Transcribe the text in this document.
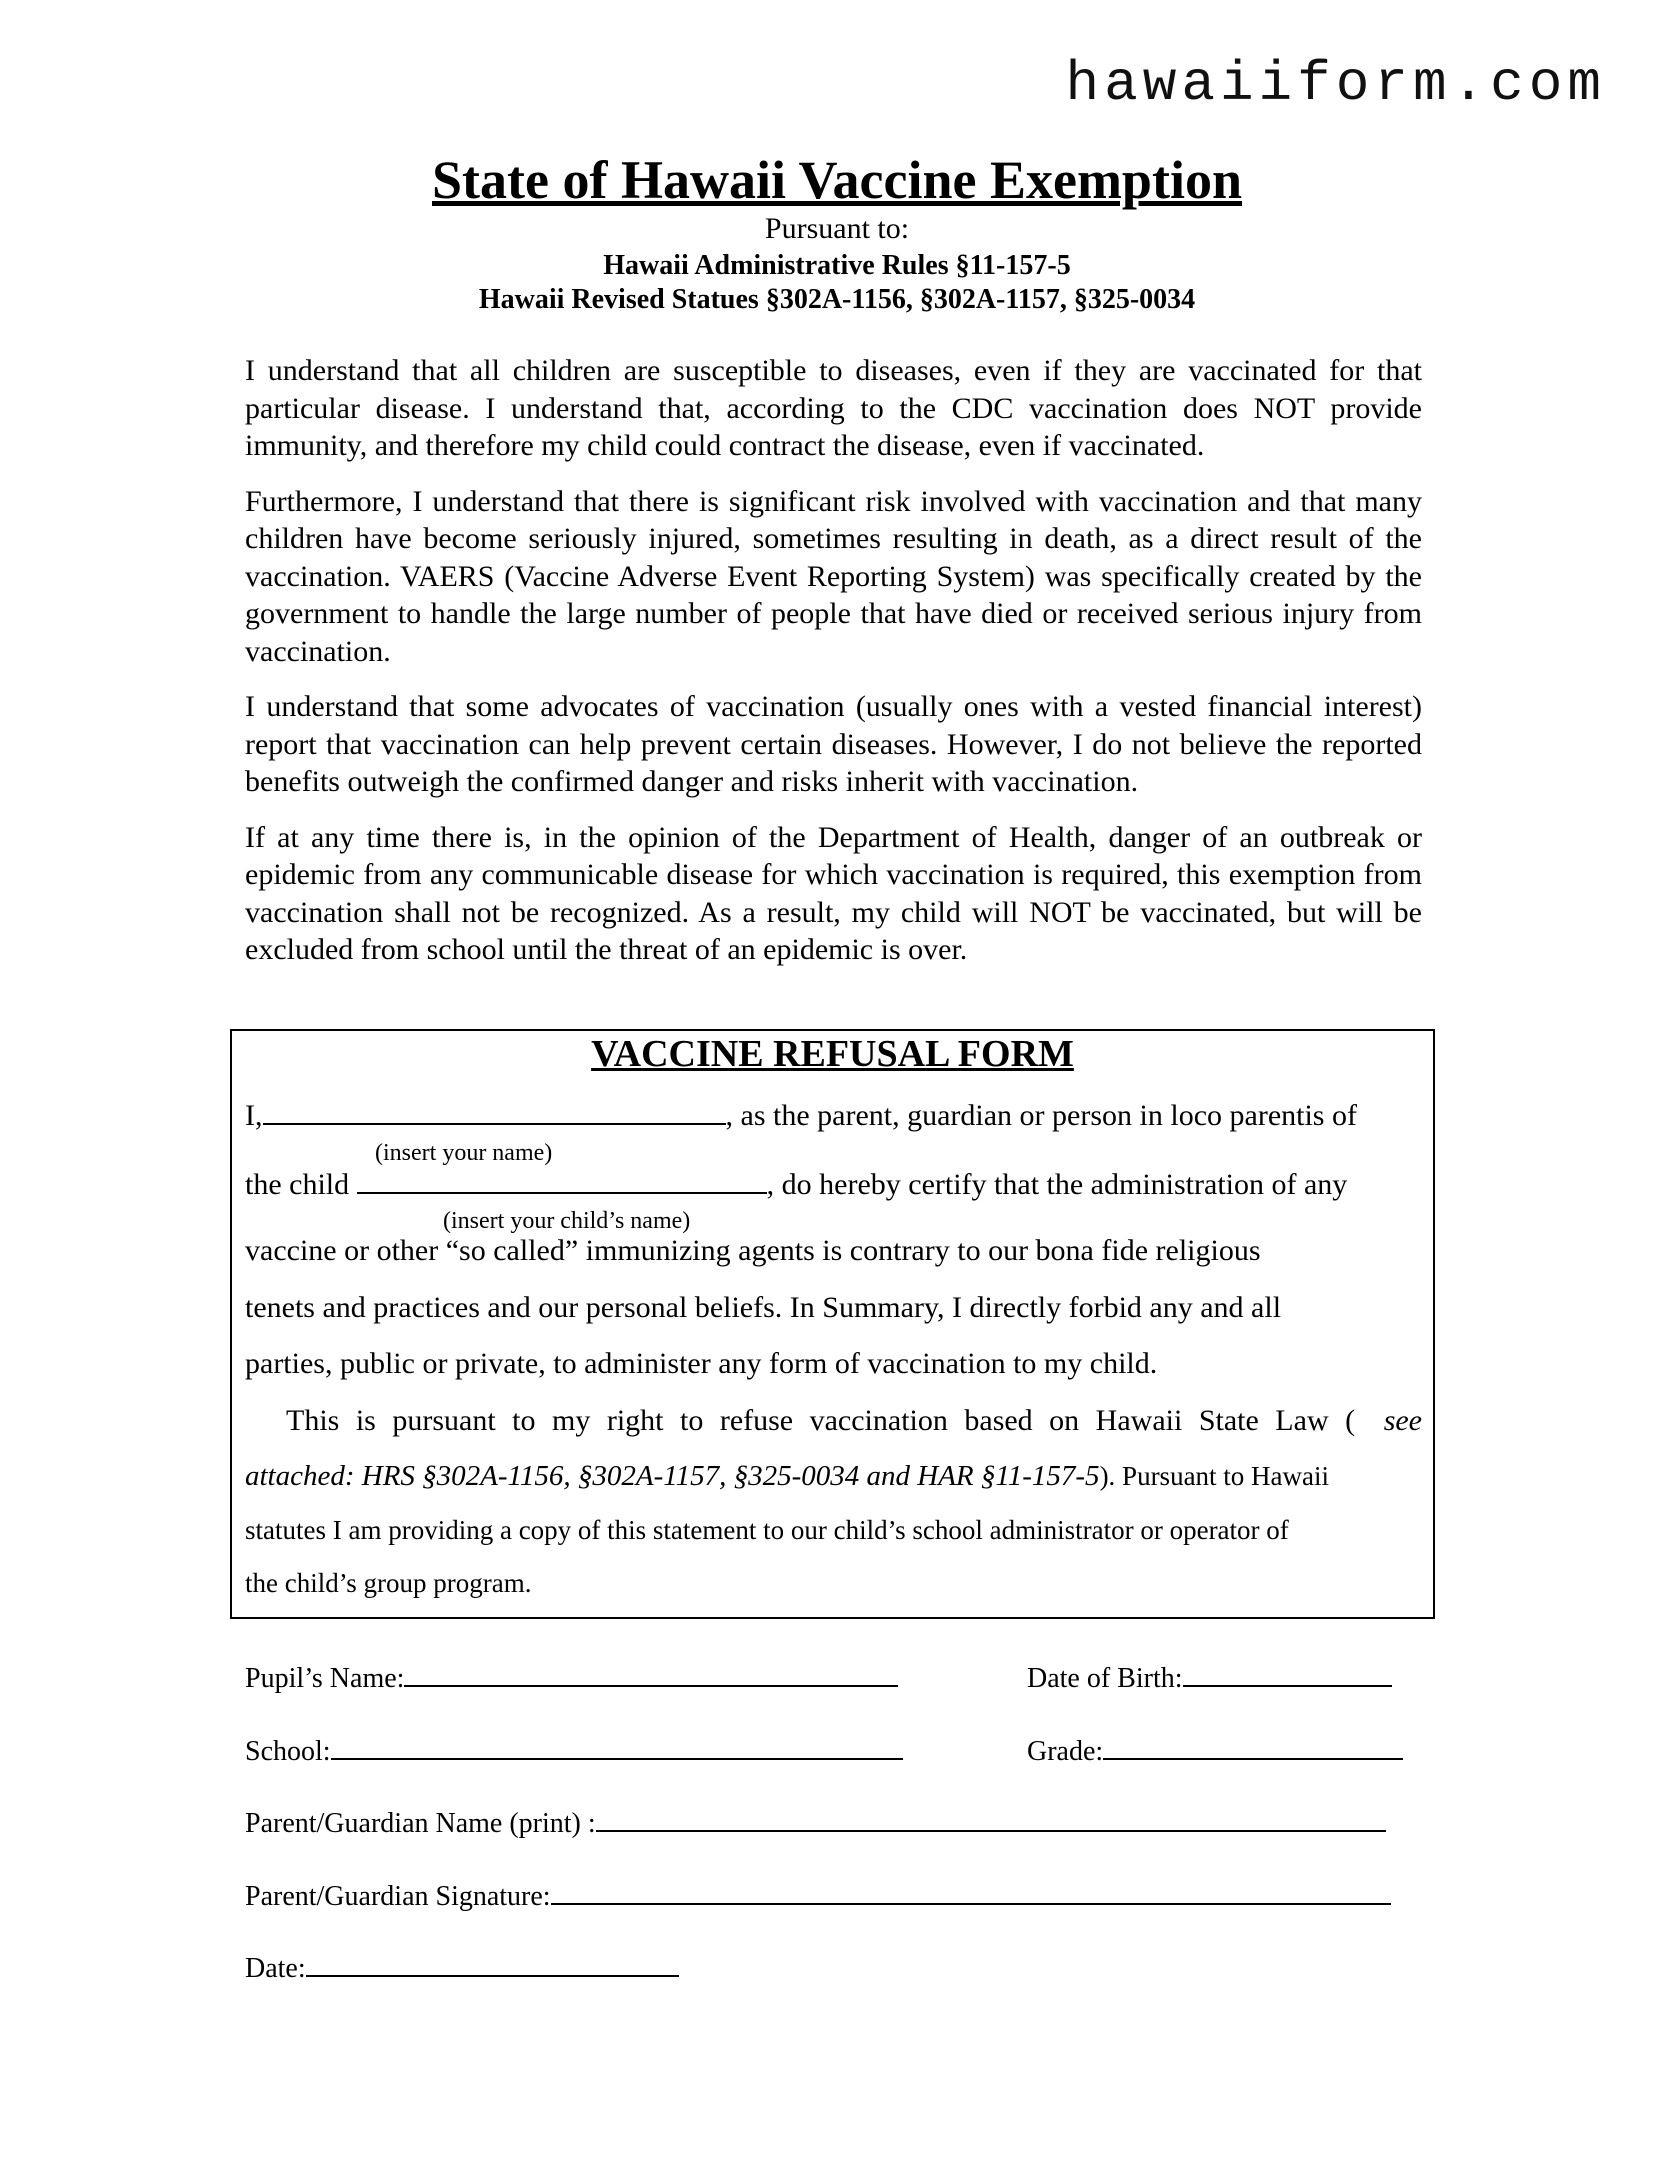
hawaiiform.com
State of Hawaii Vaccine Exemption
Pursuant to:
Hawaii Administrative Rules §11-157-5
Hawaii Revised Statues §302A-1156, §302A-1157, §325-0034

I understand that all children are susceptible to diseases, even if they are vaccinated for that particular disease. I understand that, according to the CDC vaccination does NOT provide immunity, and therefore my child could contract the disease, even if vaccinated.

Furthermore, I understand that there is significant risk involved with vaccination and that many children have become seriously injured, sometimes resulting in death, as a direct result of the vaccination. VAERS (Vaccine Adverse Event Reporting System) was specifically created by the government to handle the large number of people that have died or received serious injury from vaccination.

I understand that some advocates of vaccination (usually ones with a vested financial interest) report that vaccination can help prevent certain diseases. However, I do not believe the reported benefits outweigh the confirmed danger and risks inherit with vaccination.

If at any time there is, in the opinion of the Department of Health, danger of an outbreak or epidemic from any communicable disease for which vaccination is required, this exemption from vaccination shall not be recognized. As a result, my child will NOT be vaccinated, but will be excluded from school until the threat of an epidemic is over.

VACCINE REFUSAL FORM
I,	, as the parent, guardian or person in loco parentis of
(insert your name)
the child	, do hereby certify that the administration of any
(insert your child’s name)
vaccine or other “so called” immunizing agents is contrary to our bona fide religious
tenets and practices and our personal beliefs. In Summary, I directly forbid any and all
parties, public or private, to administer any form of vaccination to my child.
This is pursuant to my right to refuse vaccination based on Hawaii State Law ( see
attached: HRS §302A-1156, §302A-1157, §325-0034 and HAR §11-157-5). Pursuant to Hawaii
statutes I am providing a copy of this statement to our child’s school administrator or operator of
the child’s group program.
Pupil’s Name:	Date of Birth:
School:	Grade:
Parent/Guardian Name (print) :
Parent/Guardian Signature:
Date:
